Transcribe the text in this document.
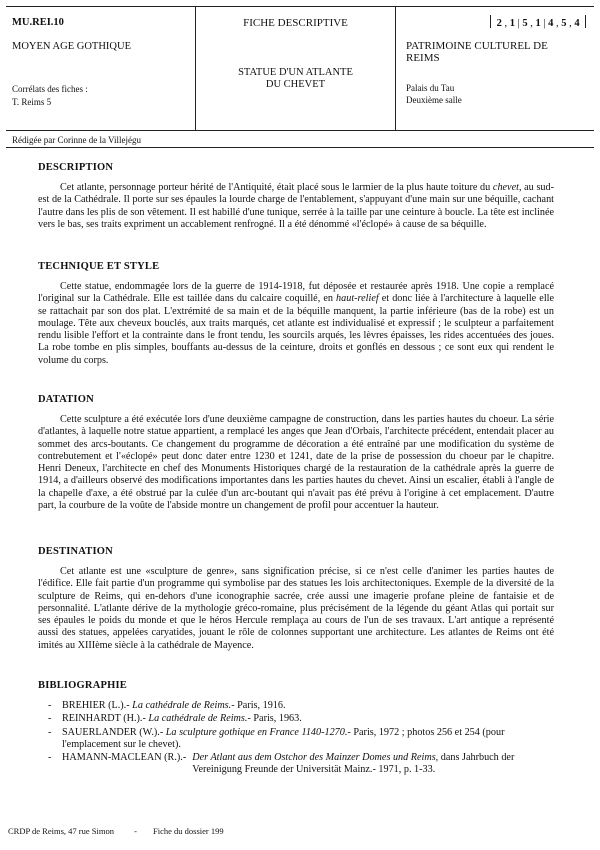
MU.REI.10
MOYEN AGE GOTHIQUE
Corrélats des fiches :
T. Reims 5
FICHE DESCRIPTIVE
STATUE D'UN ATLANTE
DU CHEVET
2 , 1 | 5 , 1 | 4 , 5 , 4
PATRIMOINE CULTUREL DE
REIMS
Palais du Tau
Deuxième salle
Rédigée par Corinne de la Villejégu
DESCRIPTION

Cet atlante, personnage porteur hérité de l'Antiquité, était placé sous le larmier de la plus haute toiture du chevet, au sud-est de la Cathédrale. Il porte sur ses épaules la lourde charge de l'entablement, s'appuyant d'une main sur une béquille, cachant l'autre dans les plis de son vêtement. Il est habillé d'une tunique, serrée à la taille par une ceinture à boucle. La tête est inclinée vers le bas, ses traits expriment un accablement renfrogné. Il a été dénommé «l'éclopé» à cause de sa béquille.

TECHNIQUE ET STYLE

Cette statue, endommagée lors de la guerre de 1914-1918, fut déposée et restaurée après 1918. Une copie a remplacé l'original sur la Cathédrale. Elle est taillée dans du calcaire coquillé, en haut-relief et donc liée à l'architecture à laquelle elle se rattachait par son dos plat. L'extrémité de sa main et de la béquille manquent, la partie inférieure (bas de la robe) est un moulage. Tête aux cheveux bouclés, aux traits marqués, cet atlante est individualisé et expressif ; le sculpteur a parfaitement rendu lisible l'effort et la contrainte dans le front tendu, les sourcils arqués, les lèvres épaisses, les rides accentuées des joues. La robe tombe en plis simples, bouffants au-dessus de la ceinture, droits et gonflés en dessous ; ce sont eux qui rendent le volume du corps.

DATATION

Cette sculpture a été exécutée lors d'une deuxième campagne de construction, dans les parties hautes du choeur. La série d'atlantes, à laquelle notre statue appartient, a remplacé les anges que Jean d'Orbais, l'architecte précédent, entendait placer au sommet des arcs-boutants. Ce changement du programme de décoration a été entraîné par une modification du système de contrebutement et l'«éclopé» peut donc dater entre 1230 et 1241, date de la prise de possession du choeur par le chapitre. Henri Deneux, l'architecte en chef des Monuments Historiques chargé de la restauration de la cathédrale après la guerre de 1914, a d'ailleurs observé des modifications importantes dans les parties hautes du chevet. Ainsi un escalier, établi à l'angle de la chapelle d'axe, a été obstrué par la culée d'un arc-boutant qui n'avait pas été prévu à l'origine à cet emplacement. D'autre part, la courbure de la voûte de l'abside montre un changement de profil pour accentuer la hauteur.

DESTINATION

Cet atlante est une «sculpture de genre», sans signification précise, si ce n'est celle d'animer les parties hautes de l'édifice. Elle fait partie d'un programme qui symbolise par des statues les lois architectoniques. Exemple de la diversité de la sculpture de Reims, qui en-dehors d'une iconographie sacrée, crée aussi une imagerie profane pleine de fantaisie et de personnalité. L'atlante dérive de la mythologie gréco-romaine, plus précisément de la légende du géant Atlas qui portait sur ses épaules le poids du monde et que le héros Hercule remplaça au cours de l'un de ses travaux. L'art antique a représenté aussi des statues, appelées caryatides, jouant le rôle de colonnes supportant une architecture. Les atlantes de Reims ont été imités au XIIIème siècle à la cathédrale de Mayence.

BIBLIOGRAPHIE
- BREHIER (L.).- La cathédrale de Reims.- Paris, 1916.
- REINHARDT (H.).- La cathédrale de Reims.- Paris, 1963.
- SAUERLANDER (W.).- La sculpture gothique en France 1140-1270.- Paris, 1972 ; photos 256 et 254 (pour l'emplacement sur le chevet).
- HAMANN-MACLEAN (R.).- Der Atlant aus dem Ostchor des Mainzer Domes und Reims, dans Jahrbuch der Vereinigung Freunde der Universität Mainz.- 1971, p. 1-33.
CRDP de Reims, 47 rue Simon - Fiche du dossier 199
